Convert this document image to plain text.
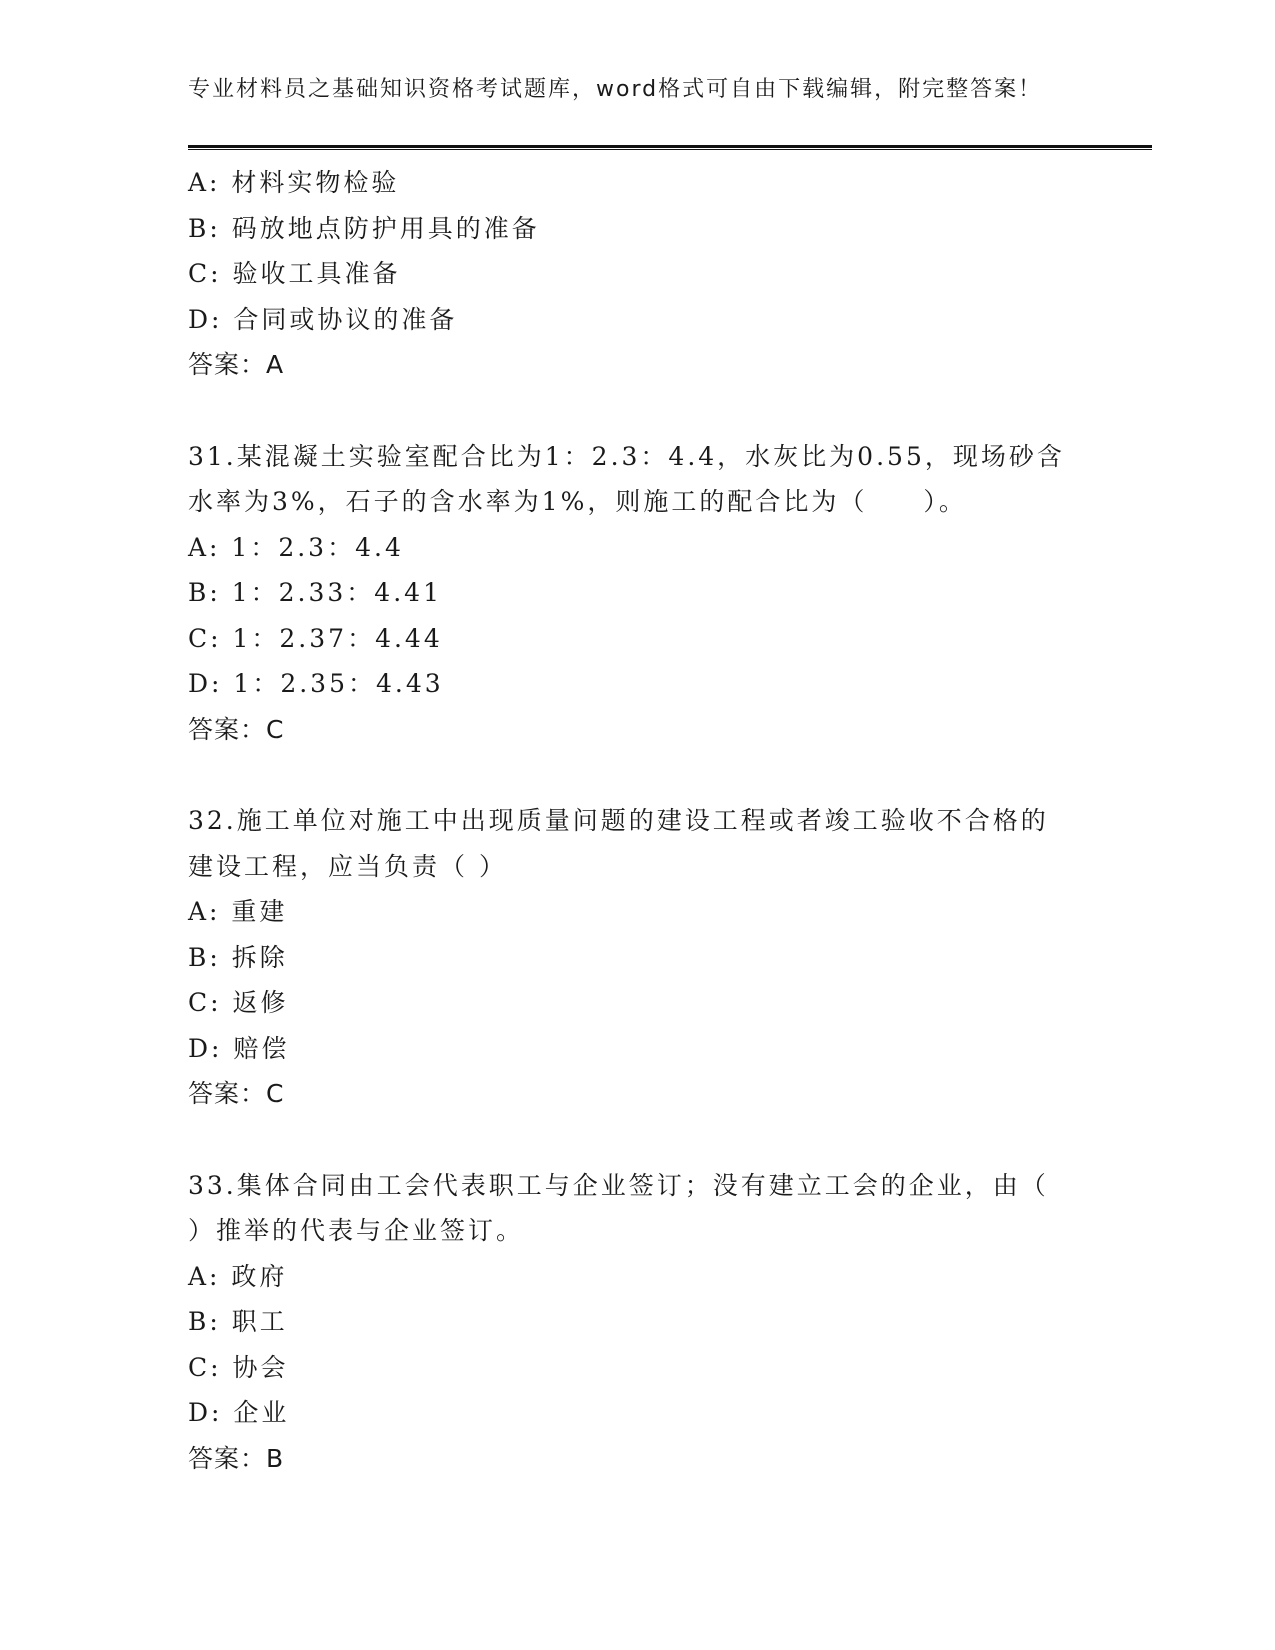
专业材料员之基础知识资格考试题库，word格式可自由下载编辑，附完整答案！
A: 材料实物检验
B: 码放地点防护用具的准备
C: 验收工具准备
D: 合同或协议的准备
答案：A
31.某混凝土实验室配合比为1：2.3：4.4，水灰比为0.55，现场砂含
水率为3%，石子的含水率为1%，则施工的配合比为（　　）。
A: 1：2.3：4.4
B: 1：2.33：4.41
C: 1：2.37：4.44
D: 1：2.35：4.43
答案：C
32.施工单位对施工中出现质量问题的建设工程或者竣工验收不合格的
建设工程，应当负责（ ）
A: 重建
B: 拆除
C: 返修
D: 赔偿
答案：C
33.集体合同由工会代表职工与企业签订；没有建立工会的企业，由（
）推举的代表与企业签订。
A: 政府
B: 职工
C: 协会
D: 企业
答案：B
